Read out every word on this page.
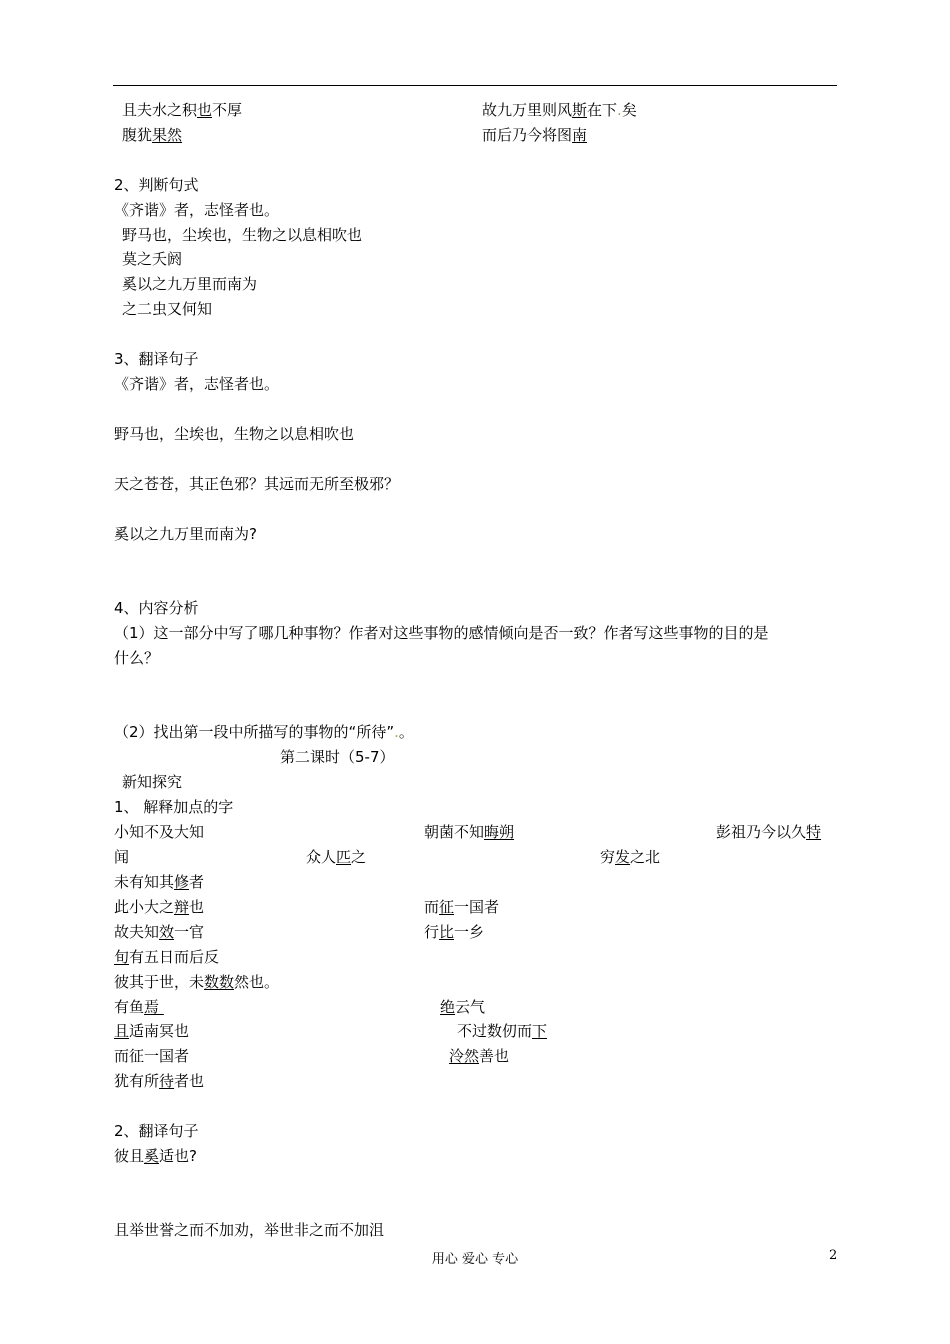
且夫水之积也不厚	故九万里则风斯在下.矣
腹犹果然	而后乃今将图南
2、判断句式
《齐谐》者，志怪者也。
野马也，尘埃也，生物之以息相吹也
莫之夭阏
奚以之九万里而南为
之二虫又何知
3、翻译句子
《齐谐》者，志怪者也。
野马也，尘埃也，生物之以息相吹也
天之苍苍，其正色邪？其远而无所至极邪？
奚以之九万里而南为?
4、内容分析
（1）这一部分中写了哪几种事物？作者对这些事物的感情倾向是否一致？作者写这些事物的目的是
什么？
（2）找出第一段中所描写的事物的“所待”.。
第二课时（5-7）
新知探究
1、 解释加点的字
小知不及大知	朝菌不知晦朔	彭祖乃今以久特
闻	众人匹之	穷发之北
未有知其修者
此小大之辩也	而征一国者
故夫知效一官	行比一乡
旬有五日而后反
彼其于世，未数数然也。
有鱼焉	绝云气
且适南冥也	不过数仞而下
而征一国者	泠然善也
犹有所待者也
2、翻译句子
彼且奚适也?
且举世誉之而不加劝，举世非之而不加沮
用心 爱心 专心	2
